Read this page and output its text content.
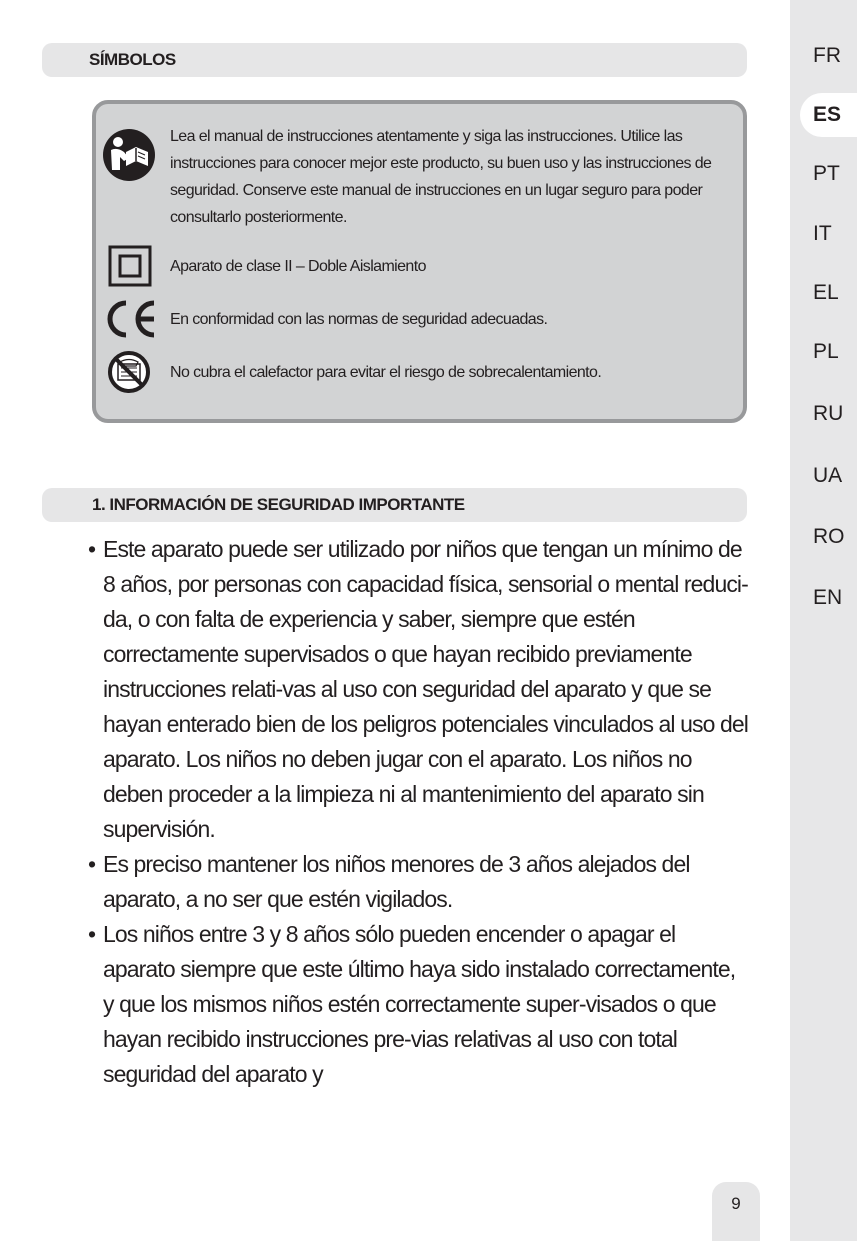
FR
ES
PT
IT
EL
PL
RU
UA
RO
EN
SÍMBOLOS
Lea el manual de instrucciones atentamente y siga las instrucciones. Utilice las instrucciones para conocer mejor este producto, su buen uso y las instrucciones de seguridad. Conserve este manual de instrucciones en un lugar seguro para poder consultarlo posteriormente.
Aparato de clase II – Doble Aislamiento
En conformidad con las normas de seguridad adecuadas.
No cubra el calefactor para evitar el riesgo de sobrecalentamiento.
1. INFORMACIÓN DE SEGURIDAD IMPORTANTE
• Este aparato puede ser utilizado por niños que tengan un mínimo de 8 años, por personas con capacidad física, sensorial o mental reduci-da, o con falta de experiencia y saber, siempre que estén correctamente supervisados o que hayan recibido previamente instrucciones relati-vas al uso con seguridad del aparato y que se hayan enterado bien de los peligros potenciales vinculados al uso del aparato. Los niños no deben jugar con el aparato. Los niños no deben proceder a la limpieza ni al mantenimiento del aparato sin supervisión.
• Es preciso mantener los niños menores de 3 años alejados del aparato, a no ser que estén vigilados.
• Los niños entre 3 y 8 años sólo pueden encender o apagar el aparato siempre que este último haya sido instalado correctamente, y que los mismos niños estén correctamente super-visados o que hayan recibido instrucciones pre-vias relativas al uso con total seguridad del aparato y
9
